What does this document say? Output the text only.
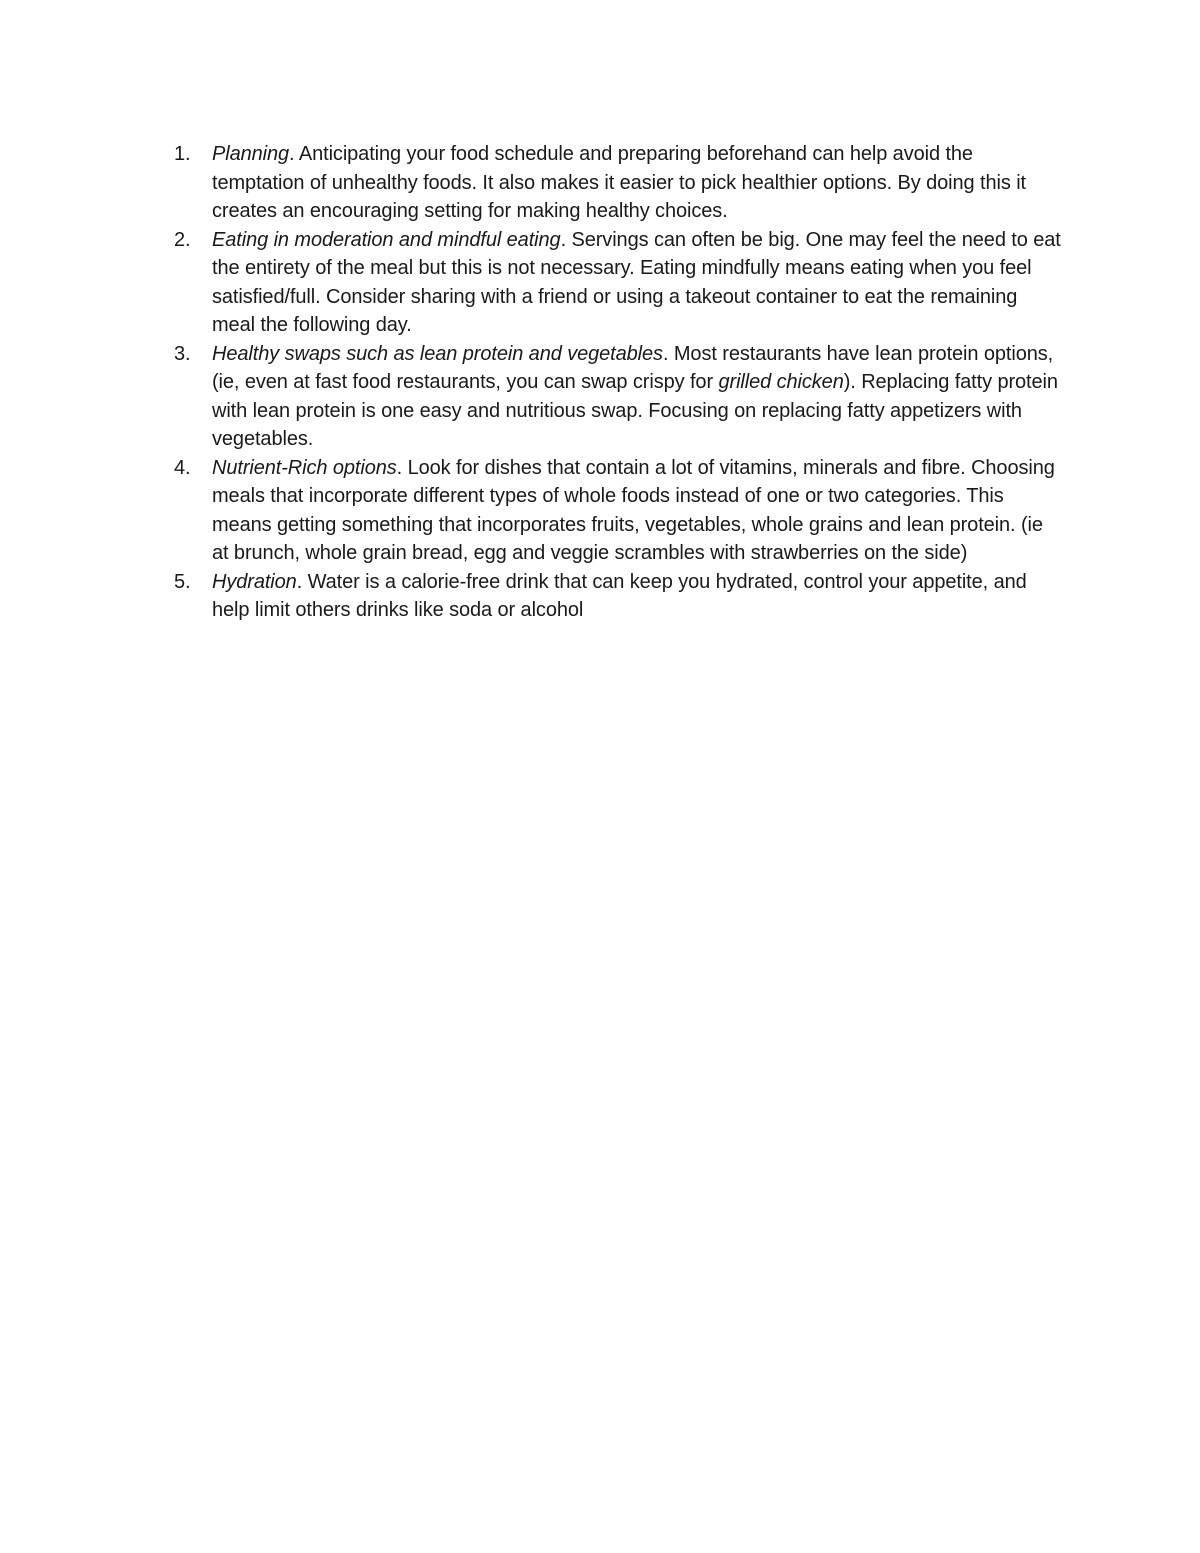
1.	Planning. Anticipating your food schedule and preparing beforehand can help avoid the temptation of unhealthy foods. It also makes it easier to pick healthier options. By doing this it creates an encouraging setting for making healthy choices.
2.	Eating in moderation and mindful eating. Servings can often be big. One may feel the need to eat the entirety of the meal but this is not necessary. Eating mindfully means eating when you feel satisfied/full. Consider sharing with a friend or using a takeout container to eat the remaining meal the following day.
3.	Healthy swaps such as lean protein and vegetables. Most restaurants have lean protein options, (ie, even at fast food restaurants, you can swap crispy for grilled chicken). Replacing fatty protein with lean protein is one easy and nutritious swap. Focusing on replacing fatty appetizers with vegetables.
4.	Nutrient-Rich options. Look for dishes that contain a lot of vitamins, minerals and fibre. Choosing meals that incorporate different types of whole foods instead of one or two categories. This means getting something that incorporates fruits, vegetables, whole grains and lean protein. (ie at brunch, whole grain bread, egg and veggie scrambles with strawberries on the side)
5.	Hydration. Water is a calorie-free drink that can keep you hydrated, control your appetite, and help limit others drinks like soda or alcohol
